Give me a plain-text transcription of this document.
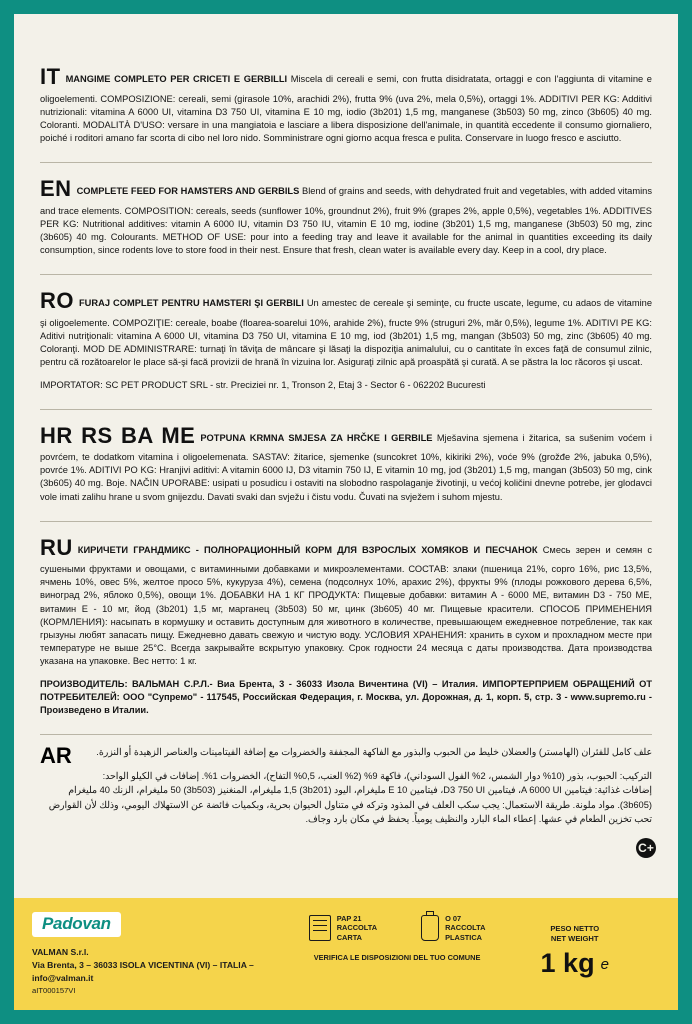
IT MANGIME COMPLETO PER CRICETI E GERBILLI Miscela di cereali e semi, con frutta disidratata, ortaggi e con l'aggiunta di vitamine e oligoelementi. COMPOSIZIONE: cereali, semi (girasole 10%, arachidi 2%), frutta 9% (uva 2%, mela 0,5%), ortaggi 1%. ADDITIVI PER KG: Additivi nutrizionali: vitamina A 6000 UI, vitamina D3 750 UI, vitamina E 10 mg, iodio (3b201) 1,5 mg, manganese (3b503) 50 mg, zinco (3b605) 40 mg. Coloranti. MODALITÀ D'USO: versare in una mangiatoia e lasciare a libera disposizione dell'animale, in quantità eccedente il consumo giornaliero, poiché i roditori amano far scorta di cibo nel loro nido. Somministrare ogni giorno acqua fresca e pulita. Conservare in luogo fresco e asciutto.

EN COMPLETE FEED FOR HAMSTERS AND GERBILS Blend of grains and seeds, with dehydrated fruit and vegetables, with added vitamins and trace elements. COMPOSITION: cereals, seeds (sunflower 10%, groundnut 2%), fruit 9% (grapes 2%, apple 0,5%), vegetables 1%. ADDITIVES PER KG: Nutritional additives: vitamin A 6000 IU, vitamin D3 750 IU, vitamin E 10 mg, iodine (3b201) 1,5 mg, manganese (3b503) 50 mg, zinc (3b605) 40 mg. Colourants. METHOD OF USE: pour into a feeding tray and leave it available for the animal in quantities exceeding its daily consumption, since rodents love to store food in their nest. Ensure that fresh, clean water is available every day. Keep in a cool, dry place.

RO FURAJ COMPLET PENTRU HAMSTERI ŞI GERBILI Un amestec de cereale şi seminţe, cu fructe uscate, legume, cu adaos de vitamine şi oligoelemente. COMPOZIŢIE: cereale, boabe (floarea-soarelui 10%, arahide 2%), fructe 9% (struguri 2%, măr 0,5%), legume 1%. ADITIVI PE KG: Aditivi nutriţionali: vitamina A 6000 UI, vitamina D3 750 UI, vitamina E 10 mg, iod (3b201) 1,5 mg, mangan (3b503) 50 mg, zinc (3b605) 40 mg. Coloranţi. MOD DE ADMINISTRARE: turnaţi în tăviţa de mâncare şi lăsaţi la dispoziţia animalului, cu o cantitate în exces faţă de consumul zilnic, pentru că rozătoarelor le place să-şi facă provizii de hrană în vizuina lor. Asiguraţi zilnic apă proaspătă şi curată. A se păstra la loc răcoros şi uscat.

IMPORTATOR: SC PET PRODUCT SRL - str. Preciziei nr. 1, Tronson 2, Etaj 3 - Sector 6 - 062202 Bucuresti

HR RS BA ME POTPUNA KRMNA SMJESA ZA HRČKE I GERBILE Mješavina sjemena i žitarica, sa sušenim voćem i povrćem, te dodatkom vitamina i oligoelemenata. SASTAV: žitarice, sjemenke (suncokret 10%, kikiriki 2%), voće 9% (grožđe 2%, jabuka 0,5%), povrće 1%. ADITIVI PO KG: Hranjivi aditivi: A vitamin 6000 IJ, D3 vitamin 750 IJ, E vitamin 10 mg, jod (3b201) 1,5 mg, mangan (3b503) 50 mg, cink (3b605) 40 mg. Boje. NAČIN UPORABE: usipati u posudicu i ostaviti na slobodno raspolaganje životinji, u većoj količini dnevne potrebe, jer glodavci vole imati zalihu hrane u svom gnijezdu. Davati svaki dan svježu i čistu vodu. Čuvati na svježem i suhom mjestu.

RU КИРИЧЕТИ ГРАНДМИКС - ПОЛНОРАЦИОННЫЙ КОРМ ДЛЯ ВЗРОСЛЫХ ХОМЯКОВ И ПЕСЧАНОК Смесь зерен и семян с сушеными фруктами и овощами, с витаминными добавками и микроэлементами. СОСТАВ: злаки (пшеница 21%, сорго 16%, рис 13,5%, ячмень 10%, овес 5%, желтое просо 5%, кукуруза 4%), семена (подсолнух 10%, арахис 2%), фрукты 9% (плоды рожкового дерева 6,5%, виноград 2%, яблоко 0,5%), овощи 1%. ДОБАВКИ НА 1 КГ ПРОДУКТА: Пищевые добавки: витамин А - 6000 МЕ, витамин D3 - 750 МЕ, витамин Е - 10 мг, йод (3b201) 1,5 мг, марганец (3b503) 50 мг, цинк (3b605) 40 мг. Пищевые красители. СПОСОБ ПРИМЕНЕНИЯ (КОРМЛЕНИЯ): насыпать в кормушку и оставить доступным для животного в количестве, превышающем ежедневное потребление, так как грызуны любят запасать пищу. Ежедневно давать свежую и чистую воду. УСЛОВИЯ ХРАНЕНИЯ: хранить в сухом и прохладном месте при температуре не выше 25°C. Всегда закрывайте вскрытую упаковку. Срок годности 24 месяца с даты производства. Дата производства указана на упаковке. Вес нетто: 1 кг.

ПРОИЗВОДИТЕЛЬ: ВАЛЬМАН С.Р.Л.- Виа Брента, 3 - 36033 Изола Вичентина (VI) – Италия. ИМПОРТЕРПРИЕМ ОБРАЩЕНИЙ ОТ ПОТРЕБИТЕЛЕЙ: ООО "Супремо" - 117545, Российская Федерация, г. Москва, ул. Дорожная, д. 1, корп. 5, стр. 3 - www.supremo.ru - Произведено в Италии.

AR	علف كامل للفئران (الهامستر) والعضلان خليط من الحبوب والبذور مع الفاكهة المجففة والخضروات مع إضافة الفيتامينات والعناصر الزهيدة أو النزرة.

التركيب: الحبوب، بذور (10% دوار الشمس، 2% الفول السوداني)، فاكهة 9% (2% العنب، 0,5% التفاح)، الخضروات 1%. إضافات في الكيلو الواحد: إضافات غذائية: فيتامين A 6000 UI، فيتامين D3 750 UI، فيتامين E 10 مليغرام، اليود (3b201) 1,5 مليغرام، المنغنيز (3b503) 50 مليغرام، الزنك 40 مليغرام (3b605). مواد ملونة. طريقة الاستعمال: يجب سكب العلف في المذود وتركه في متناول الحيوان بحرية، وبكميات فائضة عن الاستهلاك اليومي، وذلك لأن القوارض تحب تخزين الطعام في عشها. إعطاء الماء البارد والنظيف يومياً. يحفظ في مكان بارد وجاف.

C+
Padovan
VALMAN S.r.l.
Via Brenta, 3 – 36033 ISOLA VICENTINA (VI) – ITALIA – info@valman.it
aIT000157VI
PAP 21
RACCOLTA
CARTA
O 07
RACCOLTA
PLASTICA
VERIFICA LE DISPOSIZIONI DEL TUO COMUNE
PESO NETTO
NET WEIGHT
1 kg e
